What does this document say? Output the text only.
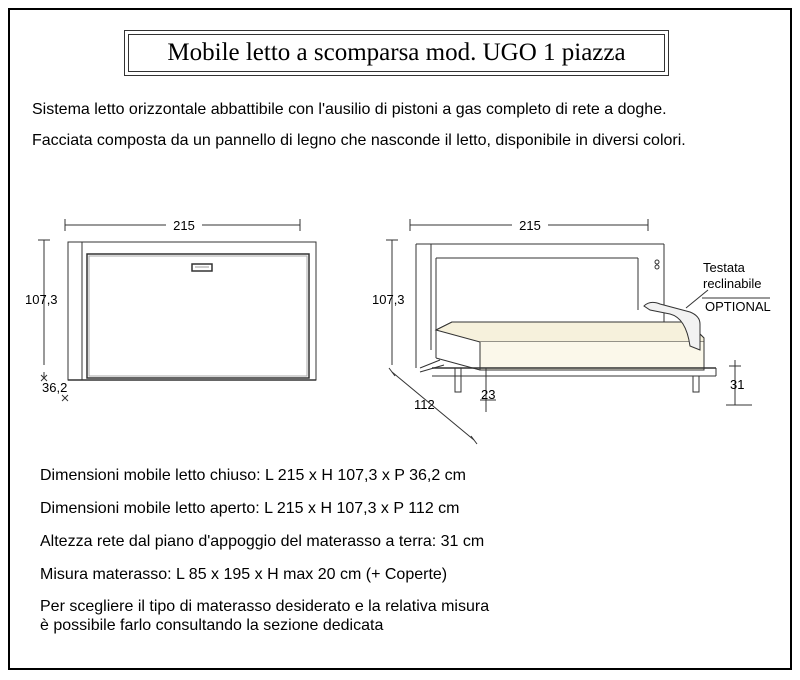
Mobile letto a scomparsa mod. UGO 1 piazza
Sistema letto orizzontale abbattibile con l'ausilio di pistoni a gas completo di rete a doghe.
Facciata composta da un pannello di legno che nasconde il letto, disponibile in diversi colori.
215
107,3
36,2
215
107,3
112
23
31
Testata
reclinabile
OPTIONAL
Dimensioni mobile letto chiuso: L 215 x H 107,3 x P 36,2 cm
Dimensioni mobile letto aperto: L 215 x H 107,3 x P 112 cm
Altezza rete dal piano d'appoggio del materasso a terra: 31 cm
Misura materasso: L 85 x 195 x H max 20 cm (+ Coperte)
Per scegliere il tipo di materasso desiderato e la relativa misura
è possibile farlo consultando la sezione dedicata
